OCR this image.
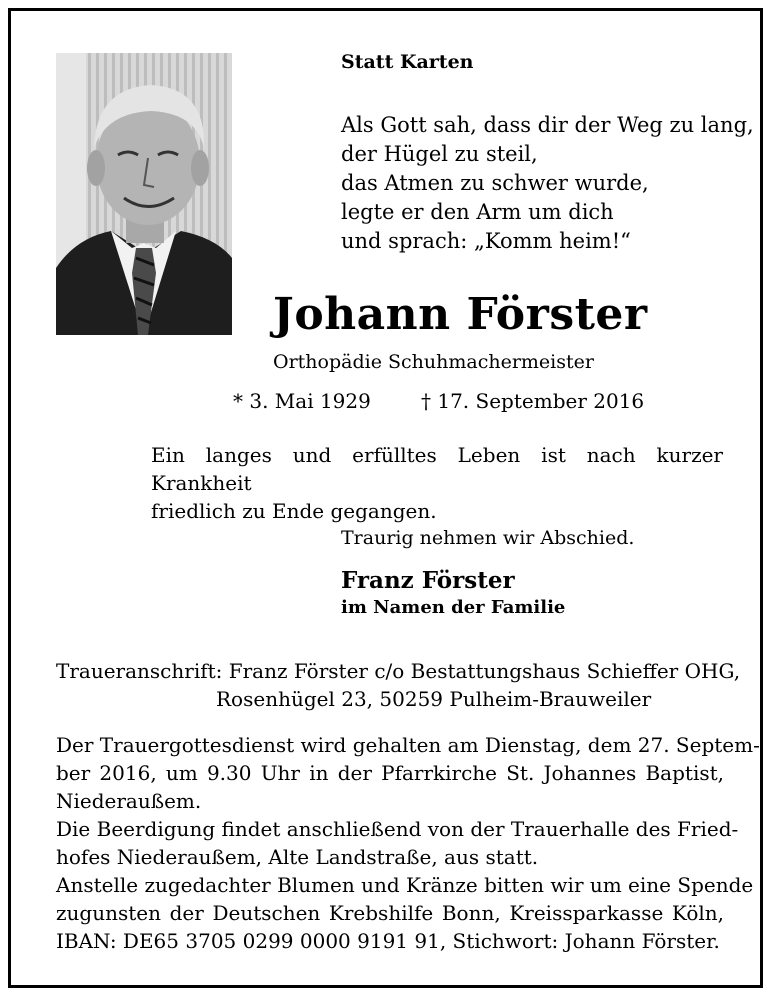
Statt Karten
Als Gott sah, dass dir der Weg zu lang,
der Hügel zu steil,
das Atmen zu schwer wurde,
legte er den Arm um dich
und sprach: „Komm heim!“
Johann Förster
Orthopädie Schuhmachermeister
* 3. Mai 1929	† 17. September 2016
Ein langes und erfülltes Leben ist nach kurzer Krankheit
friedlich zu Ende gegangen.
Traurig nehmen wir Abschied.
Franz Förster
im Namen der Familie
Traueranschrift: Franz Förster c/o Bestattungshaus Schieffer OHG,
Rosenhügel 23, 50259 Pulheim-Brauweiler
Der Trauergottesdienst wird gehalten am Dienstag, dem 27. Septem-
ber 2016, um 9.30 Uhr in der Pfarrkirche St. Johannes Baptist,
Niederaußem.
Die Beerdigung findet anschließend von der Trauerhalle des Fried-
hofes Niederaußem, Alte Landstraße, aus statt.
Anstelle zugedachter Blumen und Kränze bitten wir um eine Spende
zugunsten der Deutschen Krebshilfe Bonn, Kreissparkasse Köln,
IBAN: DE65 3705 0299 0000 9191 91, Stichwort: Johann Förster.
